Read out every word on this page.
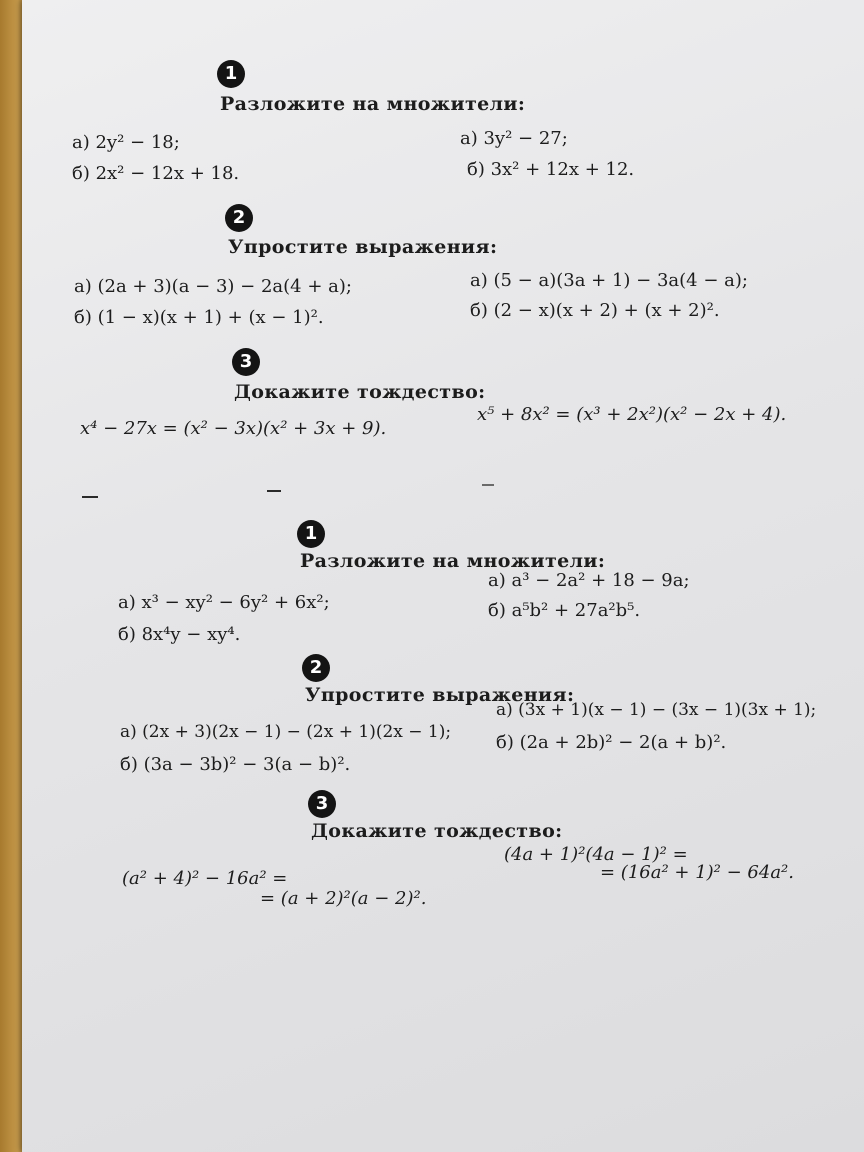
1
Разложите на множители:
а) 2y² − 18;
б) 2x² − 12x + 18.
а) 3y² − 27;
б) 3x² + 12x + 12.
2
Упростите выражения:
а) (2a + 3)(a − 3) − 2a(4 + a);
б) (1 − x)(x + 1) + (x − 1)².
а) (5 − a)(3a + 1) − 3a(4 − a);
б) (2 − x)(x + 2) + (x + 2)².
3
Докажите тождество:
x⁴ − 27x = (x² − 3x)(x² + 3x + 9).
x⁵ + 8x² = (x³ + 2x²)(x² − 2x + 4).
1
Разложите на множители:
а) x³ − xy² − 6y² + 6x²;
б) 8x⁴y − xy⁴.
а) a³ − 2a² + 18 − 9a;
б) a⁵b² + 27a²b⁵.
2
Упростите выражения:
а) (2x + 3)(2x − 1) − (2x + 1)(2x − 1);
б) (3a − 3b)² − 3(a − b)².
а) (3x + 1)(x − 1) − (3x − 1)(3x + 1);
б) (2a + 2b)² − 2(a + b)².
3
Докажите тождество:
(a² + 4)² − 16a² =
= (a + 2)²(a − 2)².
(4a + 1)²(4a − 1)² =
= (16a² + 1)² − 64a².
